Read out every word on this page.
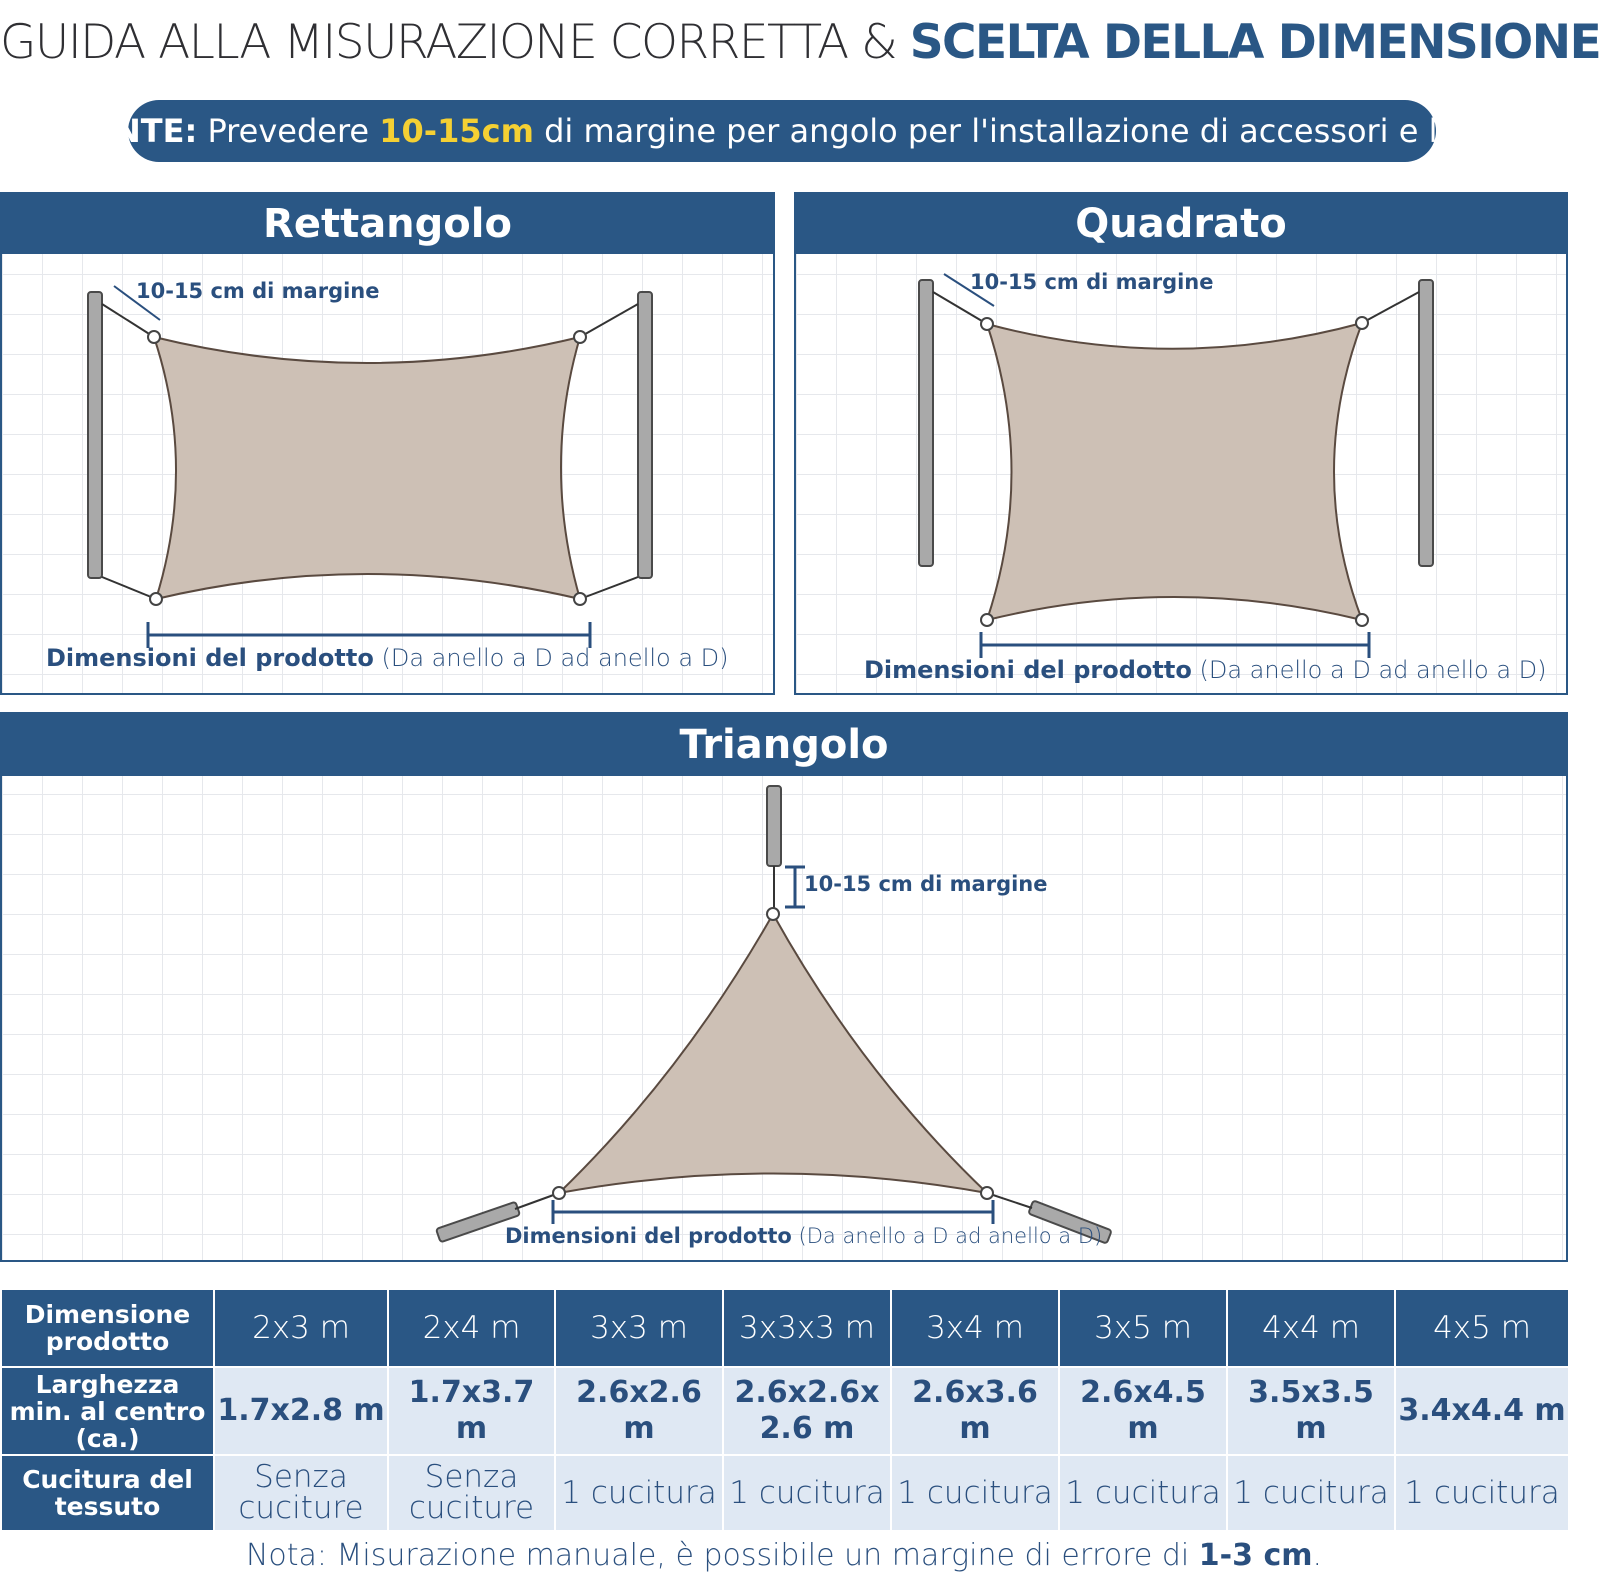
GUIDA ALLA MISURAZIONE CORRETTA & SCELTA DELLA DIMENSIONE
NTE: Prevedere 10-15cm di margine per angolo per l'installazione di accessori e lo
Rettangolo
10-15 cm di margine
Dimensioni del prodotto (Da anello a D ad anello a D)
Quadrato
10-15 cm di margine
Dimensioni del prodotto (Da anello a D ad anello a D)
Triangolo
10-15 cm di margine
Dimensioni del prodotto (Da anello a D ad anello a D)
Dimensione prodotto	2x3 m	2x4 m	3x3 m	3x3x3 m	3x4 m	3x5 m	4x4 m	4x5 m
Larghezza min. al centro (ca.)	1.7x2.8 m	1.7x3.7 m	2.6x2.6 m	2.6x2.6x 2.6 m	2.6x3.6 m	2.6x4.5 m	3.5x3.5 m	3.4x4.4 m
Cucitura del tessuto	Senza cuciture	Senza cuciture	1 cucitura	1 cucitura	1 cucitura	1 cucitura	1 cucitura	1 cucitura
Nota: Misurazione manuale, è possibile un margine di errore di 1-3 cm.
